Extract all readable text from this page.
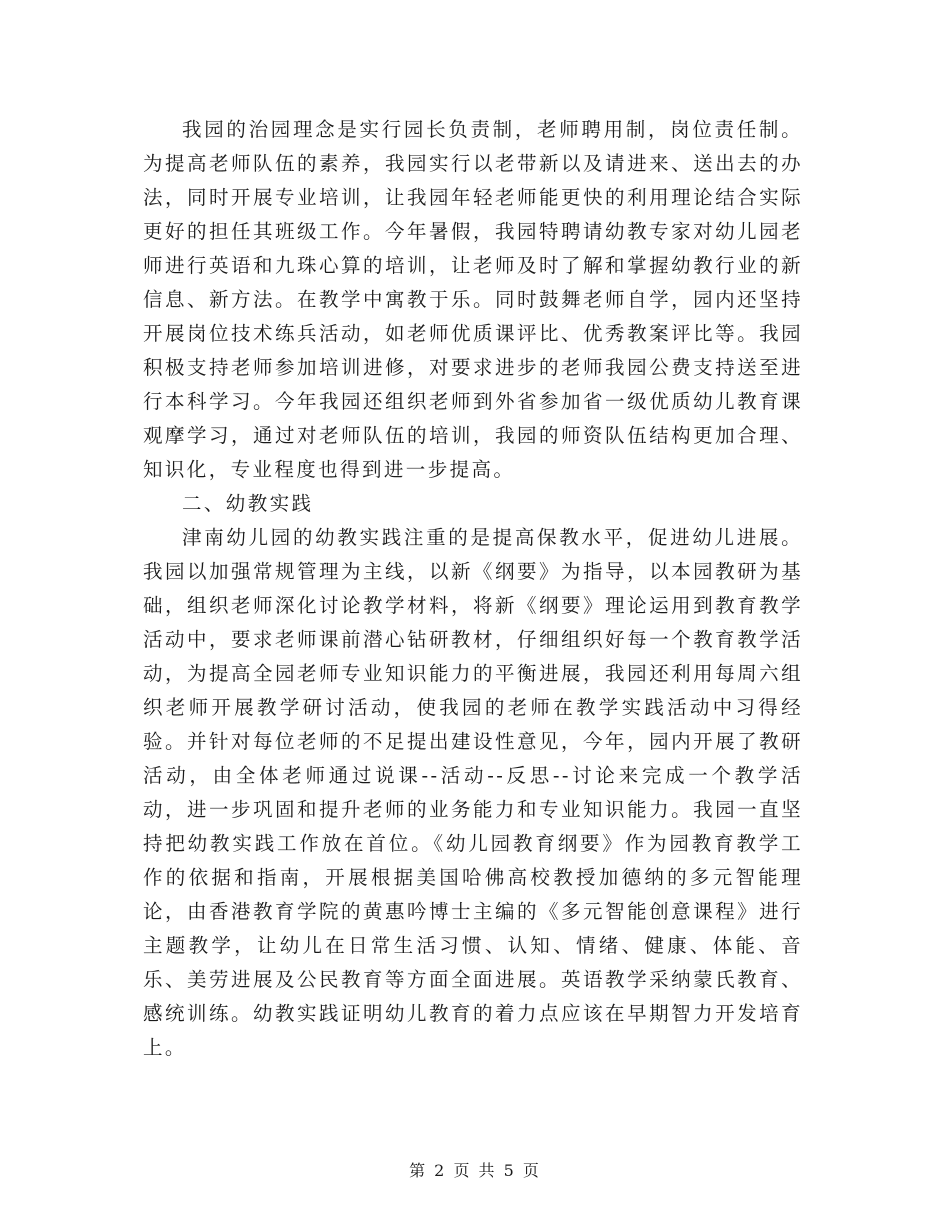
我园的治园理念是实行园长负责制，老师聘用制，岗位责任制。为提高老师队伍的素养，我园实行以老带新以及请进来、送出去的办法，同时开展专业培训，让我园年轻老师能更快的利用理论结合实际更好的担任其班级工作。今年暑假，我园特聘请幼教专家对幼儿园老师进行英语和九珠心算的培训，让老师及时了解和掌握幼教行业的新信息、新方法。在教学中寓教于乐。同时鼓舞老师自学，园内还坚持开展岗位技术练兵活动，如老师优质课评比、优秀教案评比等。我园积极支持老师参加培训进修，对要求进步的老师我园公费支持送至进行本科学习。今年我园还组织老师到外省参加省一级优质幼儿教育课观摩学习，通过对老师队伍的培训，我园的师资队伍结构更加合理、知识化，专业程度也得到进一步提高。

二、幼教实践

津南幼儿园的幼教实践注重的是提高保教水平，促进幼儿进展。我园以加强常规管理为主线，以新《纲要》为指导，以本园教研为基础，组织老师深化讨论教学材料，将新《纲要》理论运用到教育教学活动中，要求老师课前潜心钻研教材，仔细组织好每一个教育教学活动，为提高全园老师专业知识能力的平衡进展，我园还利用每周六组织老师开展教学研讨活动，使我园的老师在教学实践活动中习得经验。并针对每位老师的不足提出建设性意见，今年，园内开展了教研活动，由全体老师通过说课--活动--反思--讨论来完成一个教学活动，进一步巩固和提升老师的业务能力和专业知识能力。我园一直坚持把幼教实践工作放在首位。《幼儿园教育纲要》作为园教育教学工作的依据和指南，开展根据美国哈佛高校教授加德纳的多元智能理论，由香港教育学院的黄惠吟博士主编的《多元智能创意课程》进行主题教学，让幼儿在日常生活习惯、认知、情绪、健康、体能、音乐、美劳进展及公民教育等方面全面进展。英语教学采纳蒙氏教育、感统训练。幼教实践证明幼儿教育的着力点应该在早期智力开发培育上。

第 2 页 共 5 页
